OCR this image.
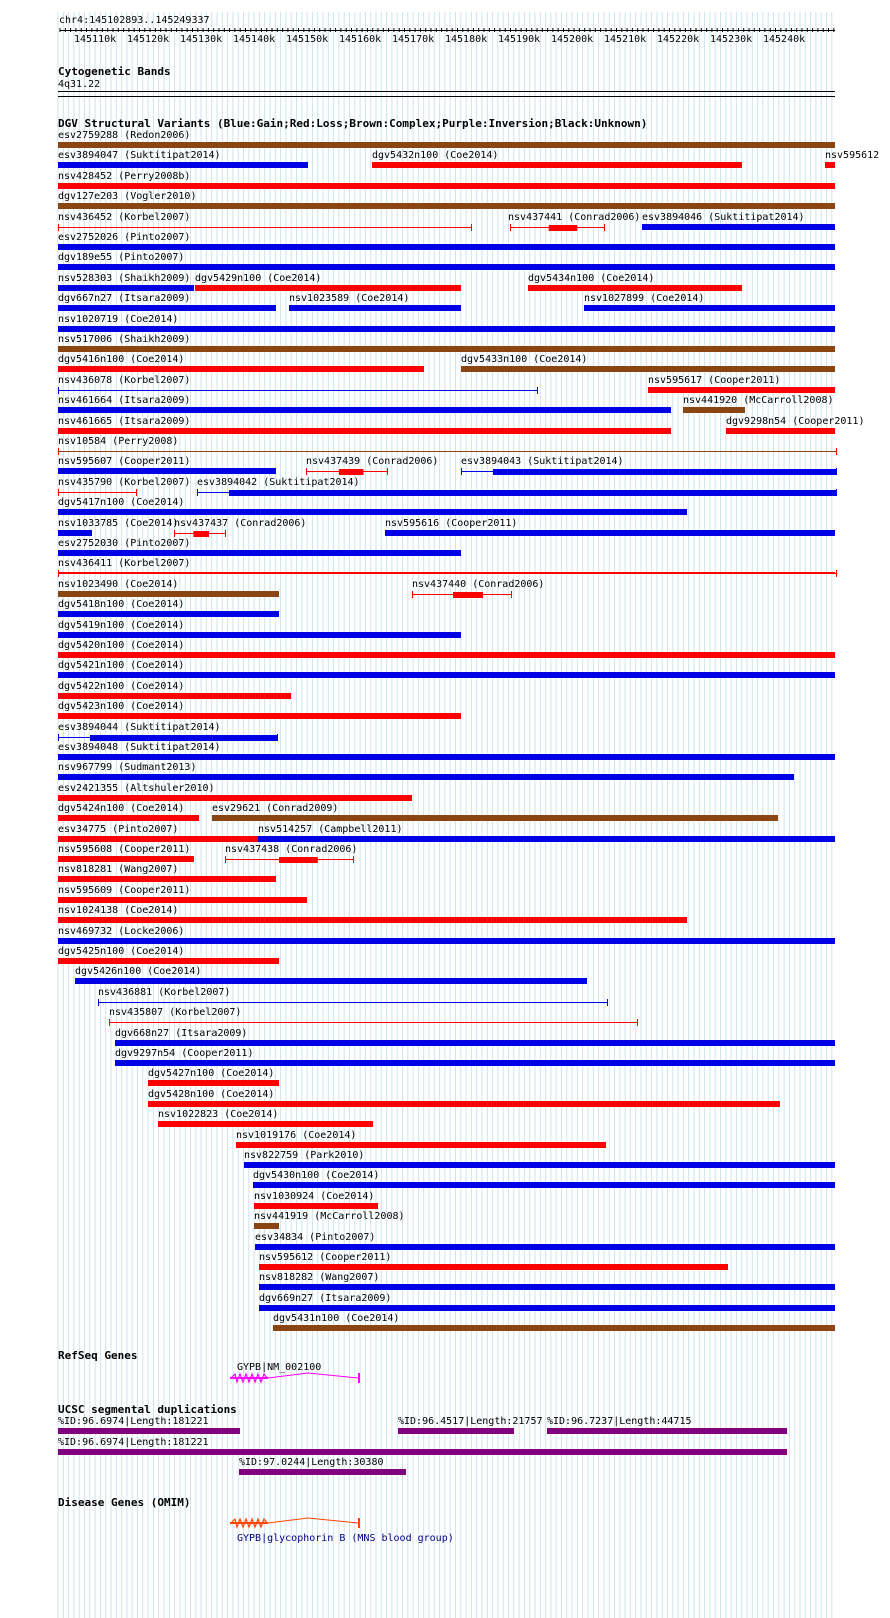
chr4:145102893..145249337
145110k 145120k 145130k 145140k 145150k 145160k 145170k 145180k 145190k 145200k 145210k 145220k 145230k 145240k
Cytogenetic Bands
4q31.22
DGV Structural Variants (Blue:Gain;Red:Loss;Brown:Complex;Purple:Inversion;Black:Unknown)
esv2759288 (Redon2006)
esv3894047 (Suktitipat2014)	dgv5432n100 (Coe2014)	nsv595612
nsv428452 (Perry2008b)
dgv127e203 (Vogler2010)
nsv436452 (Korbel2007)	nsv437441 (Conrad2006) esv3894046 (Suktitipat2014)
esv2752026 (Pinto2007)
dgv189e55 (Pinto2007)
nsv528303 (Shaikh2009) dgv5429n100 (Coe2014)	dgv5434n100 (Coe2014)
dgv667n27 (Itsara2009)	nsv1023589 (Coe2014)	nsv1027899 (Coe2014)
nsv1020719 (Coe2014)
nsv517006 (Shaikh2009)
dgv5416n100 (Coe2014)	dgv5433n100 (Coe2014)
nsv436078 (Korbel2007)	nsv595617 (Cooper2011)
nsv461664 (Itsara2009)	nsv441920 (McCarroll2008)
nsv461665 (Itsara2009)	dgv9298n54 (Cooper2011)
nsv10584 (Perry2008)
nsv595607 (Cooper2011)	nsv437439 (Conrad2006) esv3894043 (Suktitipat2014)
nsv435790 (Korbel2007) esv3894042 (Suktitipat2014)
dgv5417n100 (Coe2014)
nsv1033785 (Coe2014)
nsv437437 (Conrad2006)	nsv595616 (Cooper2011)
esv2752030 (Pinto2007)
nsv436411 (Korbel2007)
nsv1023490 (Coe2014)	nsv437440 (Conrad2006)
dgv5418n100 (Coe2014)
dgv5419n100 (Coe2014)
dgv5420n100 (Coe2014)
dgv5421n100 (Coe2014)
dgv5422n100 (Coe2014)
dgv5423n100 (Coe2014)
esv3894044 (Suktitipat2014)
esv3894048 (Suktitipat2014)
nsv967799 (Sudmant2013)
esv2421355 (Altshuler2010)
dgv5424n100 (Coe2014)	esv29621 (Conrad2009)
esv34775 (Pinto2007)	nsv514257 (Campbell2011)
nsv595608 (Cooper2011)	nsv437438 (Conrad2006)
nsv818281 (Wang2007)
nsv595609 (Cooper2011)
nsv1024138 (Coe2014)
nsv469732 (Locke2006)
dgv5425n100 (Coe2014)
dgv5426n100 (Coe2014)
nsv436881 (Korbel2007)
nsv435807 (Korbel2007)
dgv668n27 (Itsara2009)
dgv9297n54 (Cooper2011)
dgv5427n100 (Coe2014)
dgv5428n100 (Coe2014)
nsv1022823 (Coe2014)
nsv1019176 (Coe2014)
nsv822759 (Park2010)
dgv5430n100 (Coe2014)
nsv1030924 (Coe2014)
nsv441919 (McCarroll2008)
esv34834 (Pinto2007)
nsv595612 (Cooper2011)
nsv818282 (Wang2007)
dgv669n27 (Itsara2009)
dgv5431n100 (Coe2014)
RefSeq Genes
GYPB|NM_002100
UCSC segmental duplications
%ID:96.6974|Length:181221	%ID:96.4517|Length:21757 %ID:96.7237|Length:44715
%ID:96.6974|Length:181221
%ID:97.0244|Length:30380
Disease Genes (OMIM)
GYPB|glycophorin B (MNS blood group)
